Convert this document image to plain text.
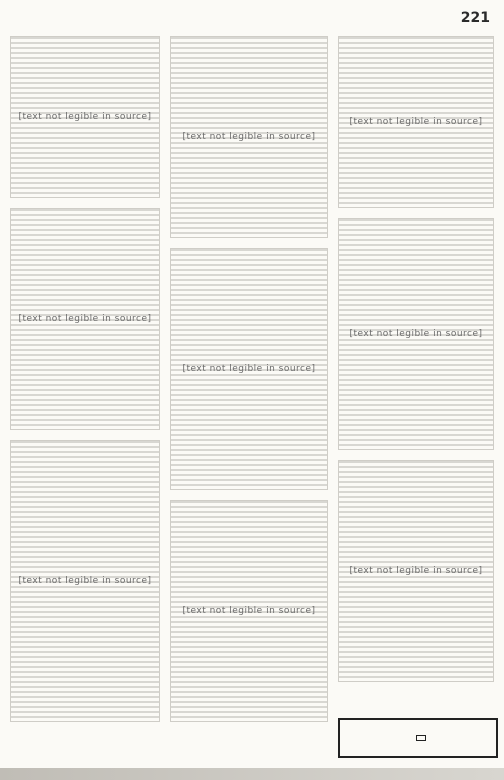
221
[text not legible in source]
[text not legible in source]
[text not legible in source]
[text not legible in source]
[text not legible in source]
[text not legible in source]
[text not legible in source]
[text not legible in source]
[text not legible in source]
